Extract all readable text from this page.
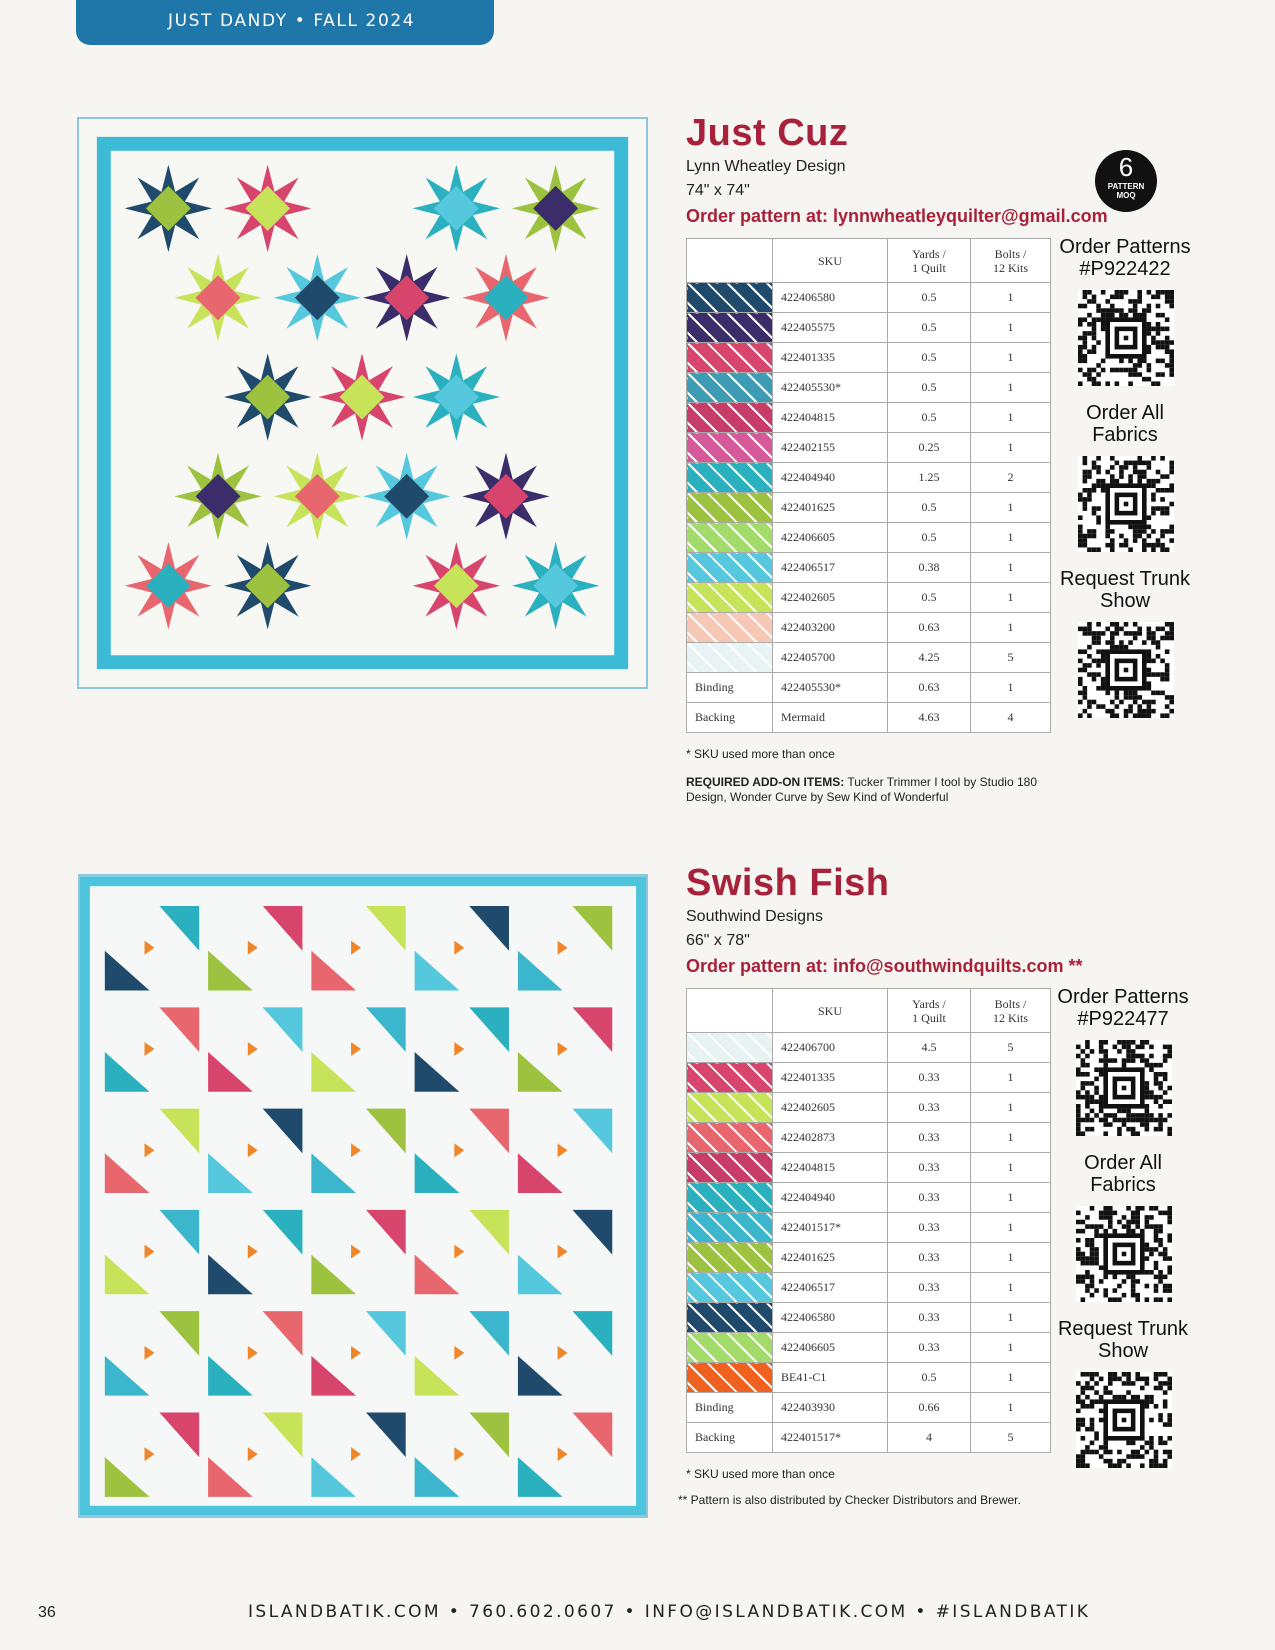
JUST DANDY • FALL 2024
Just Cuz
Lynn Wheatley Design
74" x 74"
Order pattern at: lynnwheatleyquilter@gmail.com
6
PATTERN
MOQ
	SKU	Yards /
1 Quilt	Bolts /
12 Kits
	422406580	0.5	1
	422405575	0.5	1
	422401335	0.5	1
	422405530*	0.5	1
	422404815	0.5	1
	422402155	0.25	1
	422404940	1.25	2
	422401625	0.5	1
	422406605	0.5	1
	422406517	0.38	1
	422402605	0.5	1
	422403200	0.63	1
	422405700	4.25	5
Binding	422405530*	0.63	1
Backing	Mermaid	4.63	4
* SKU used more than once
REQUIRED ADD-ON ITEMS: Tucker Trimmer I tool by Studio 180 Design, Wonder Curve by Sew Kind of Wonderful
Order Patterns
#P922422
Order All
Fabrics
Request Trunk
Show
Swish Fish
Southwind Designs
66" x 78"
Order pattern at: info@southwindquilts.com **
	SKU	Yards /
1 Quilt	Bolts /
12 Kits
	422406700	4.5	5
	422401335	0.33	1
	422402605	0.33	1
	422402873	0.33	1
	422404815	0.33	1
	422404940	0.33	1
	422401517*	0.33	1
	422401625	0.33	1
	422406517	0.33	1
	422406580	0.33	1
	422406605	0.33	1
	BE41-C1	0.5	1
Binding	422403930	0.66	1
Backing	422401517*	4	5
* SKU used more than once
** Pattern is also distributed by Checker Distributors and Brewer.
Order Patterns
#P922477
Order All
Fabrics
Request Trunk
Show
36	ISLANDBATIK.COM • 760.602.0607 • INFO@ISLANDBATIK.COM • #ISLANDBATIK
